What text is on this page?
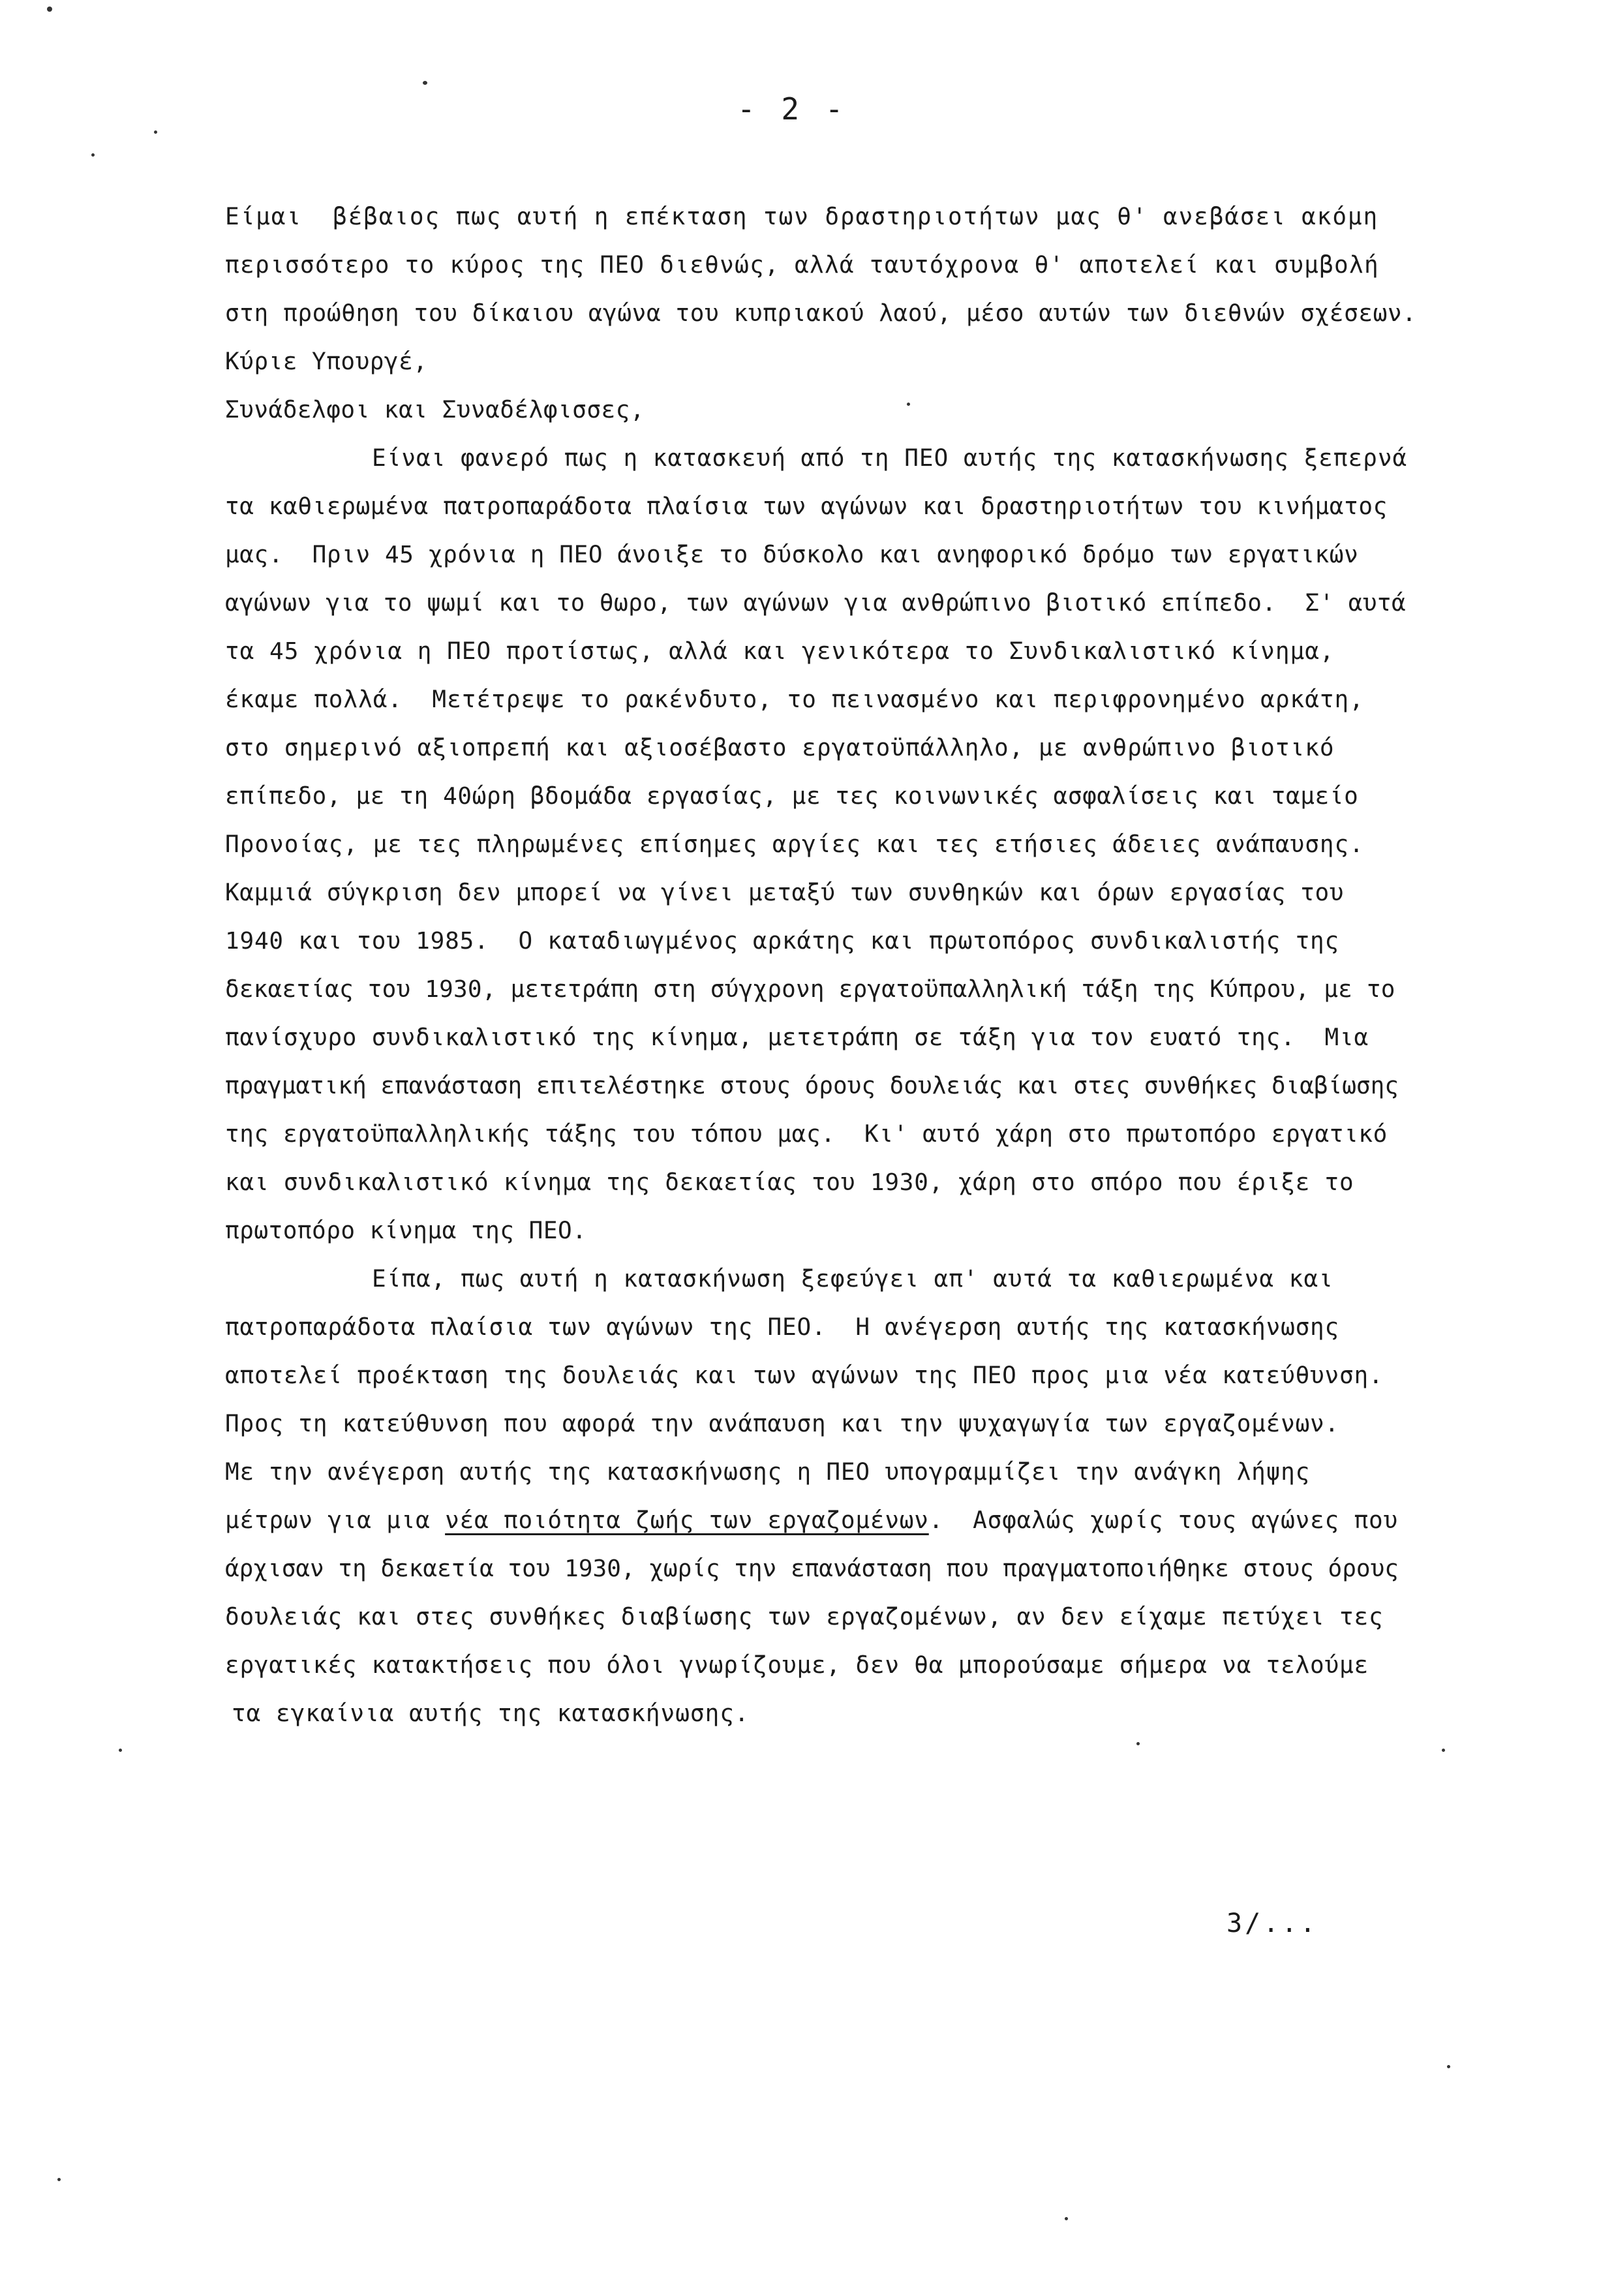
- 2 -
Είμαι  βέβαιος πως αυτή η επέκταση των δραστηριοτήτων μας θ' ανεβάσει ακόμη
περισσότερο το κύρος της ΠΕΟ διεθνώς, αλλά ταυτόχρονα θ' αποτελεί και συμβολή
στη προώθηση του δίκαιου αγώνα του κυπριακού λαού, μέσο αυτών των διεθνών σχέσεων.
Κύριε Υπουργέ,
Συνάδελφοι και Συναδέλφισσες,
Είναι φανερό πως η κατασκευή από τη ΠΕΟ αυτής της κατασκήνωσης ξεπερνά
τα καθιερωμένα πατροπαράδοτα πλαίσια των αγώνων και δραστηριοτήτων του κινήματος
μας.  Πριν 45 χρόνια η ΠΕΟ άνοιξε το δύσκολο και ανηφορικό δρόμο των εργατικών
αγώνων για το ψωμί και το θωρο, των αγώνων για ανθρώπινο βιοτικό επίπεδο.  Σ' αυτά
τα 45 χρόνια η ΠΕΟ προτίστως, αλλά και γενικότερα το Συνδικαλιστικό κίνημα,
έκαμε πολλά.  Μετέτρεψε το ρακένδυτο, το πεινασμένο και περιφρονημένο αρκάτη,
στο σημερινό αξιοπρεπή και αξιοσέβαστο εργατοϋπάλληλο, με ανθρώπινο βιοτικό
επίπεδο, με τη 40ώρη βδομάδα εργασίας, με τες κοινωνικές ασφαλίσεις και ταμείο
Προνοίας, με τες πληρωμένες επίσημες αργίες και τες ετήσιες άδειες ανάπαυσης.
Καμμιά σύγκριση δεν μπορεί να γίνει μεταξύ των συνθηκών και όρων εργασίας του
1940 και του 1985.  Ο καταδιωγμένος αρκάτης και πρωτοπόρος συνδικαλιστής της
δεκαετίας του 1930, μετετράπη στη σύγχρονη εργατοϋπαλληλική τάξη της Κύπρου, με το
πανίσχυρο συνδικαλιστικό της κίνημα, μετετράπη σε τάξη για τον ευατό της.  Μια
πραγματική επανάσταση επιτελέστηκε στους όρους δουλειάς και στες συνθήκες διαβίωσης
της εργατοϋπαλληλικής τάξης του τόπου μας.  Κι' αυτό χάρη στο πρωτοπόρο εργατικό
και συνδικαλιστικό κίνημα της δεκαετίας του 1930, χάρη στο σπόρο που έριξε το
πρωτοπόρο κίνημα της ΠΕΟ.
Είπα, πως αυτή η κατασκήνωση ξεφεύγει απ' αυτά τα καθιερωμένα και
πατροπαράδοτα πλαίσια των αγώνων της ΠΕΟ.  Η ανέγερση αυτής της κατασκήνωσης
αποτελεί προέκταση της δουλειάς και των αγώνων της ΠΕΟ προς μια νέα κατεύθυνση.
Προς τη κατεύθυνση που αφορά την ανάπαυση και την ψυχαγωγία των εργαζομένων.
Με την ανέγερση αυτής της κατασκήνωσης η ΠΕΟ υπογραμμίζει την ανάγκη λήψης
μέτρων για μια νέα ποιότητα ζωής των εργαζομένων.  Ασφαλώς χωρίς τους αγώνες που
άρχισαν τη δεκαετία του 1930, χωρίς την επανάσταση που πραγματοποιήθηκε στους όρους
δουλειάς και στες συνθήκες διαβίωσης των εργαζομένων, αν δεν είχαμε πετύχει τες
εργατικές κατακτήσεις που όλοι γνωρίζουμε, δεν θα μπορούσαμε σήμερα να τελούμε
τα εγκαίνια αυτής της κατασκήνωσης.
3/...
